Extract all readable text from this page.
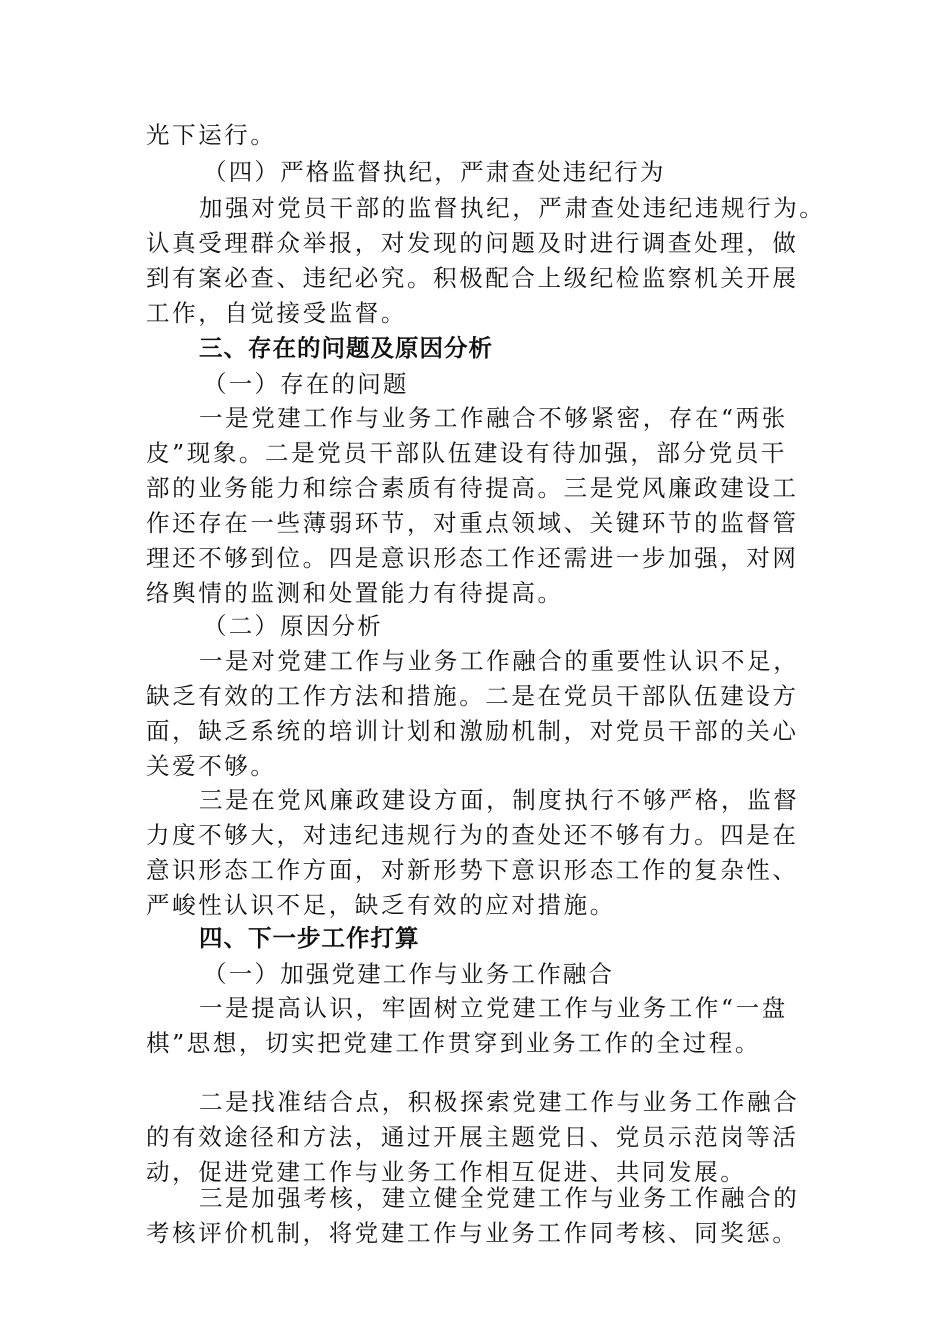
光下运行。
（四）严格监督执纪，严肃查处违纪行为
加强对党员干部的监督执纪，严肃查处违纪违规行为。
认真受理群众举报，对发现的问题及时进行调查处理，做
到有案必查、违纪必究。积极配合上级纪检监察机关开展
工作，自觉接受监督。
三、存在的问题及原因分析
（一）存在的问题
一是党建工作与业务工作融合不够紧密，存在“两张
皮”现象。二是党员干部队伍建设有待加强，部分党员干
部的业务能力和综合素质有待提高。三是党风廉政建设工
作还存在一些薄弱环节，对重点领域、关键环节的监督管
理还不够到位。四是意识形态工作还需进一步加强，对网
络舆情的监测和处置能力有待提高。
（二）原因分析
一是对党建工作与业务工作融合的重要性认识不足，
缺乏有效的工作方法和措施。二是在党员干部队伍建设方
面，缺乏系统的培训计划和激励机制，对党员干部的关心
关爱不够。
三是在党风廉政建设方面，制度执行不够严格，监督
力度不够大，对违纪违规行为的查处还不够有力。四是在
意识形态工作方面，对新形势下意识形态工作的复杂性、
严峻性认识不足，缺乏有效的应对措施。
四、下一步工作打算
（一）加强党建工作与业务工作融合
一是提高认识，牢固树立党建工作与业务工作“一盘
棋”思想，切实把党建工作贯穿到业务工作的全过程。
二是找准结合点，积极探索党建工作与业务工作融合
的有效途径和方法，通过开展主题党日、党员示范岗等活
动，促进党建工作与业务工作相互促进、共同发展。
三是加强考核，建立健全党建工作与业务工作融合的
考核评价机制，将党建工作与业务工作同考核、同奖惩。
